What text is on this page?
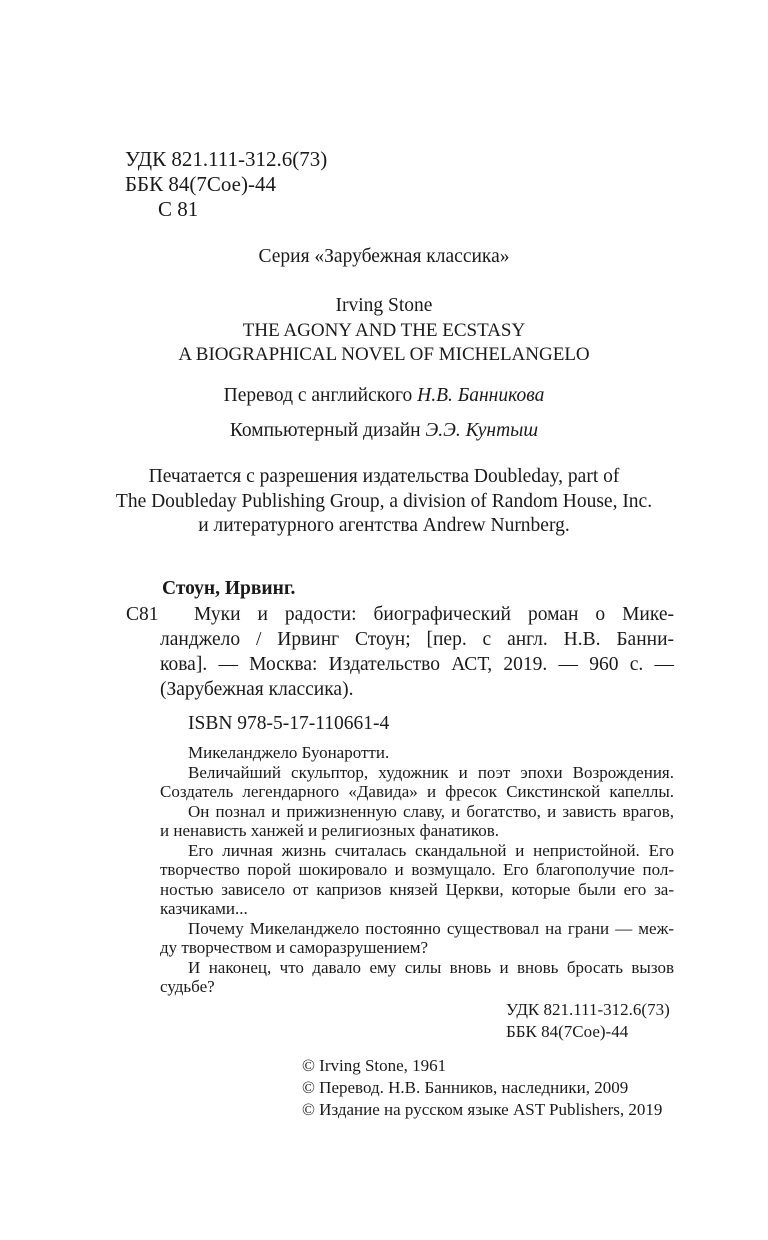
УДК 821.111-312.6(73)
ББК 84(7Сое)-44
С 81
Серия «Зарубежная классика»
Irving Stone
THE AGONY AND THE ECSTASY
A BIOGRAPHICAL NOVEL OF MICHELANGELO
Перевод с английского Н.В. Банникова
Компьютерный дизайн Э.Э. Кунтыш
Печатается с разрешения издательства Doubleday, part of
The Doubleday Publishing Group, a division of Random House, Inc.
и литературного агентства Andrew Nurnberg.
Стоун, Ирвинг.
С81 Муки и радости: биографический роман о Мике-
ланджело / Ирвинг Стоун; [пер. с англ. Н.В. Банни-
кова]. — Москва: Издательство АСТ, 2019. — 960 с. —
(Зарубежная классика).
ISBN 978-5-17-110661-4
Микеланджело Буонаротти.
Величайший скульптор, художник и поэт эпохи Возрождения.
Создатель легендарного «Давида» и фресок Сикстинской капеллы.
Он познал и прижизненную славу, и богатство, и зависть врагов,
и ненависть ханжей и религиозных фанатиков.
Его личная жизнь считалась скандальной и непристойной. Его
творчество порой шокировало и возмущало. Его благополучие пол-
ностью зависело от капризов князей Церкви, которые были его за-
казчиками...
Почему Микеланджело постоянно существовал на грани — меж-
ду творчеством и саморазрушением?
И наконец, что давало ему силы вновь и вновь бросать вызов
судьбе?
УДК 821.111-312.6(73)
ББК 84(7Сое)-44
© Irving Stone, 1961
© Перевод. Н.В. Банников, наследники, 2009
© Издание на русском языке AST Publishers, 2019
